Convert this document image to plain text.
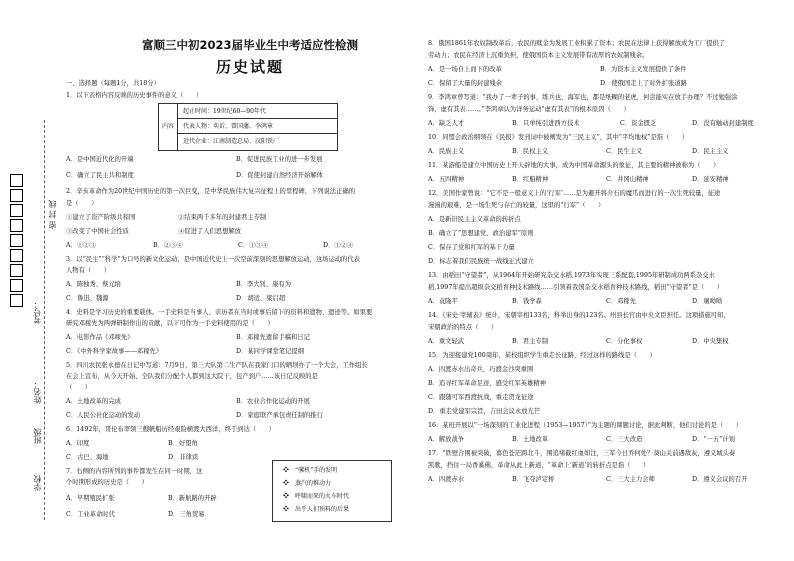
考号：
姓名：
班级
学校
密 封 线
富顺三中初2023届毕业生中考适应性检测
历史试题
一、选择题（每题1分，共18分）
1．以下表格内容反映的历史事件的意义（　　）
内容
起止时间：19世纪60—90年代
代表人物：奕䜣、曾国藩、李鸿章
近代企业：江南制造总局、汉阳铁厂
A．是中国近代化的开端	B．促进民族工业的进一步发展
C．确立了民主共和制度	D．促使封建自然经济开始解体
2．辛亥革命作为20世纪中国历史的第一次巨变，是中华民族伟大复兴征程上的里程碑，下列说法正确的
是（　　）
①建立了资产阶级共和国	②结束两千多年的封建君主专制
③改变了中国社会性质	④促进了人们思想解放
A．①②③	B．②③④	C．①③④	D．①②④
3．以“民主”“科学”为口号的新文化运动，是中国近代史上一次空前深刻的思想解放运动，这场运动的代表
人物有（　　）
A．陈独秀、蔡元培	B．李大钊、康有为
C．鲁迅、魏源	D．胡适、梁启超
4．史料是学习历史的重要载体。一手史料是当事人、亲历者在当时或事后留下的资料和遗物、遗迹等。如果要
研究邓稼先为两弹研制作出的贡献，以下可作为一手史料使用的是（　　）
A．电影作品《邓稼先》	B．邓稼先遗留手稿和日记
C．《中外科学家故事——邓稼先》	D．某同学课堂笔记提纲
5．四川农民张永德在日记中写道：7月9日，第三大队第二生产队在我家门口的晒坝办了一个大会，工作组长
在会上宣布，从今天开始，全队我们分配个人都到这大院干，包产到户……该日记反映的是
（　　）
A．土地改革的完成	B．农业合作化运动的开展
C．人民公社化运动的发动	D．家庭联产承包责任制的推行
6．1492年，哥伦布率领三艘帆船历经艰险横渡大西洋，终于到达（　　）
A．印度	B．好望角
C．古巴、海地	D．非律宾
7．右侧的内容所列的事件都发生在同一时期，这
个时期形成的历史是（　　）
A．早期殖民扩张	B．新航路的开辟
C．工业革命时代	D．三角贸易
❖　“骡机”手的发明
❖　蒸汽的推动力
❖　呼啸而来的火车时代
❖　出乎人们预料的后果
8．俄国1861年农奴制改革后，农民的赎金为发展工业积累了资本；农民在法律上获得解放成为工厂提供了
劳动力；农民在经济上沉重负担，使俄国资本主义发展带有浓厚的农奴制残余。
A．是一场自上而下的改革	B．为资本主义发展提供了条件
C．保留了大量的封建残余	D．使俄国走上了对外扩张道路
9．李鸿章曾写道：“我办了一辈子的事，练兵也，海军也，都是纸糊的老虎，何尝能实在放手办理？不过勉强涂
饰，虚有其表……。”李鸿章认为洋务运动“虚有其表”的根本原因（　　）
A．缺乏人才	B．只单纯引进西方技术	C．资金匮乏	D．没有触动封建制度
10．同盟会政治纲领在《民报》发刊词中被阐发为“三民主义”，其中“平均地权”是指（　　）
A．民族主义	B．民权主义	C．民生主义	D．民主主义
11．某游船是建立中国历史上开天辟地的大事，成为中国革命源头的象征，其主要的精神被称为（　　）
A．五四精神	B．红船精神	C．井冈山精神	D．延安精神
12．美国作家曾说：“它不是一般意义上的‘行军’……是为避开将介石的魔爪而进行的一次生死较量，征途
漫漫的艰难，是一场生死与存亡的较量，这里的“行军”（　　）
A．是新旧民主主义革命的转折点
B．确立了“思想建党、政治建军”原则
C．保存了党和红军的基干力量
D．标志着我们民族统一战线正式建立
13．由稻田“守望者”，从1964年开始研究杂交水稻,1973年实现三系配套,1995年研制成功两系杂交水
稻,1997年提出超级杂交稻育种技术路线……引领着我国杂交水稻育种技术路线，稻田“守望者”是（　　）
A．袁隆平	B．钱学森	C．邓稼先	D．屠呦呦
14．《宋史·宰辅表》统计，宋朝宰相133名，科举出身的123名。州县长官由中央文臣担任。这项措施可知，
宋朝政治的特点（　　）
A．重文轻武	B．君主专制	C．分化事权	D．中央集权
15．为迎接建党100周年，某校组织学生重走长征路，经过这样的路线是（　　）
A．四渡赤水出奇兵，巧渡金沙突重围
B．追寻红军革命足迹，感受红军英雄精神
C．跟随可军西渡抗战，重走贺龙征途
D．重走党建军宗旨，吉田会议永放光芒
16．某班开展以“一场深刻的工业化进程（1953—1957）”为主题的课题讨论，据此判断，他们讨论的是（　　）
A．解放战争	B．土地改革	C．三大改造	D．“一五”计划
17．“铁壁合围被突破，暮色苍茫跨北斗，围追堵截红血如注，三军今日乔何处？葵山关前遇敌灰，遵义城头奏
凯歌，挡住一局香奚佛，革命从此上新道，“革命上‘新道’的转折点是指（　　）
A．四渡赤水	B．飞夺泸定桥	C．三大主力会师	D．遵义会议的召开
